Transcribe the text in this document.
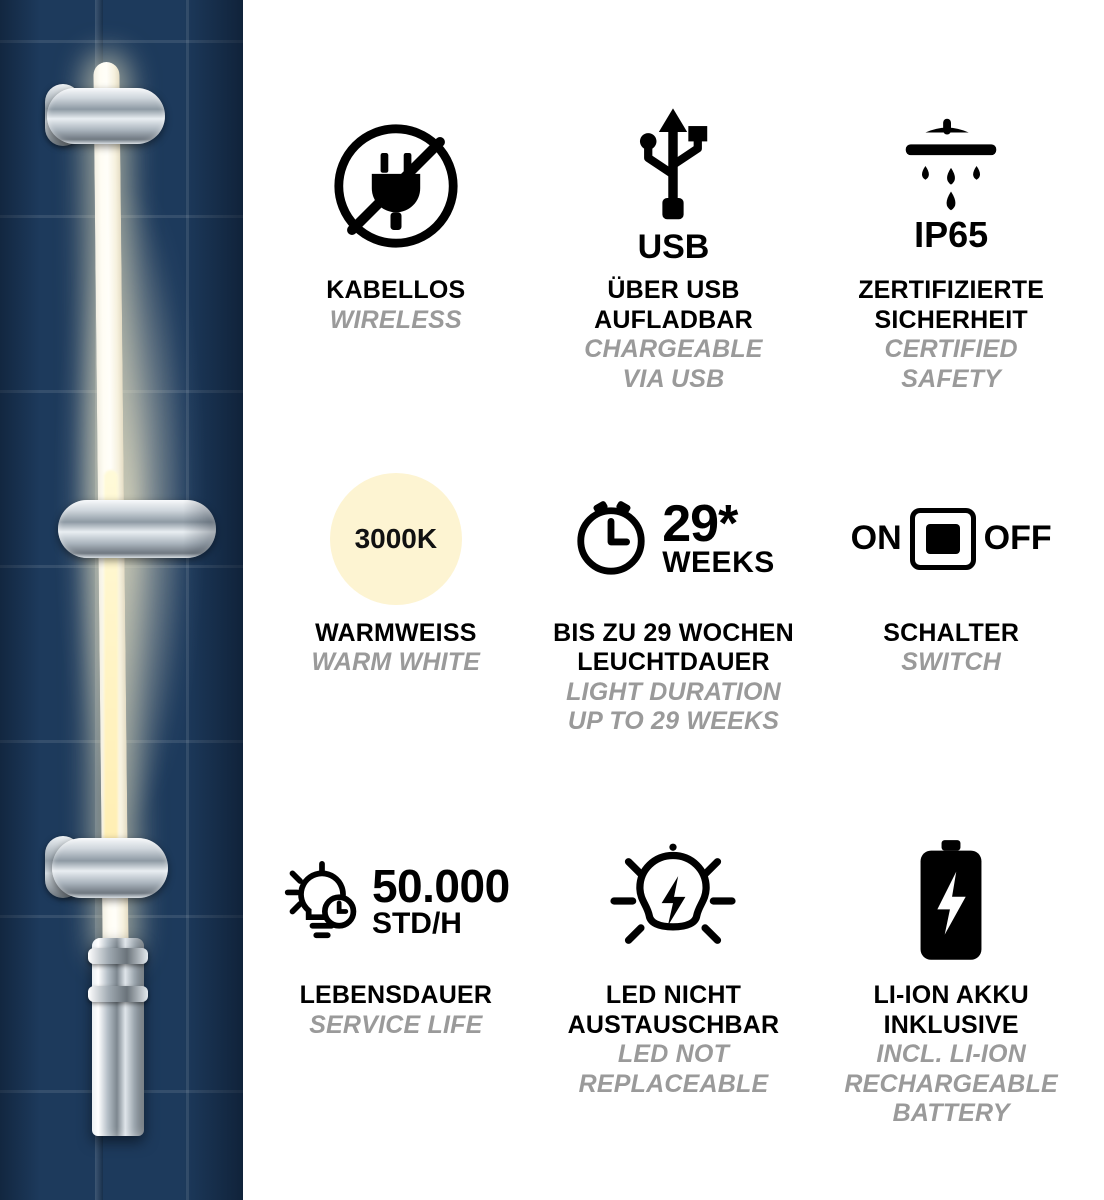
KABELLOS
WIRELESS
USB
ÜBER USB
AUFLADBAR
CHARGEABLE
VIA USB
IP65
ZERTIFIZIERTE
SICHERHEIT
CERTIFIED
SAFETY
3000K
WARMWEISS
WARM WHITE
29*
WEEKS
BIS ZU 29 WOCHEN
LEUCHTDAUER
LIGHT DURATION
UP TO 29 WEEKS
ON OFF
SCHALTER
SWITCH
50.000
STD/H
LEBENSDAUER
SERVICE LIFE
LED NICHT
AUSTAUSCHBAR
LED NOT
REPLACEABLE
LI-ION AKKU
INKLUSIVE
INCL. LI-ION
RECHARGEABLE
BATTERY
